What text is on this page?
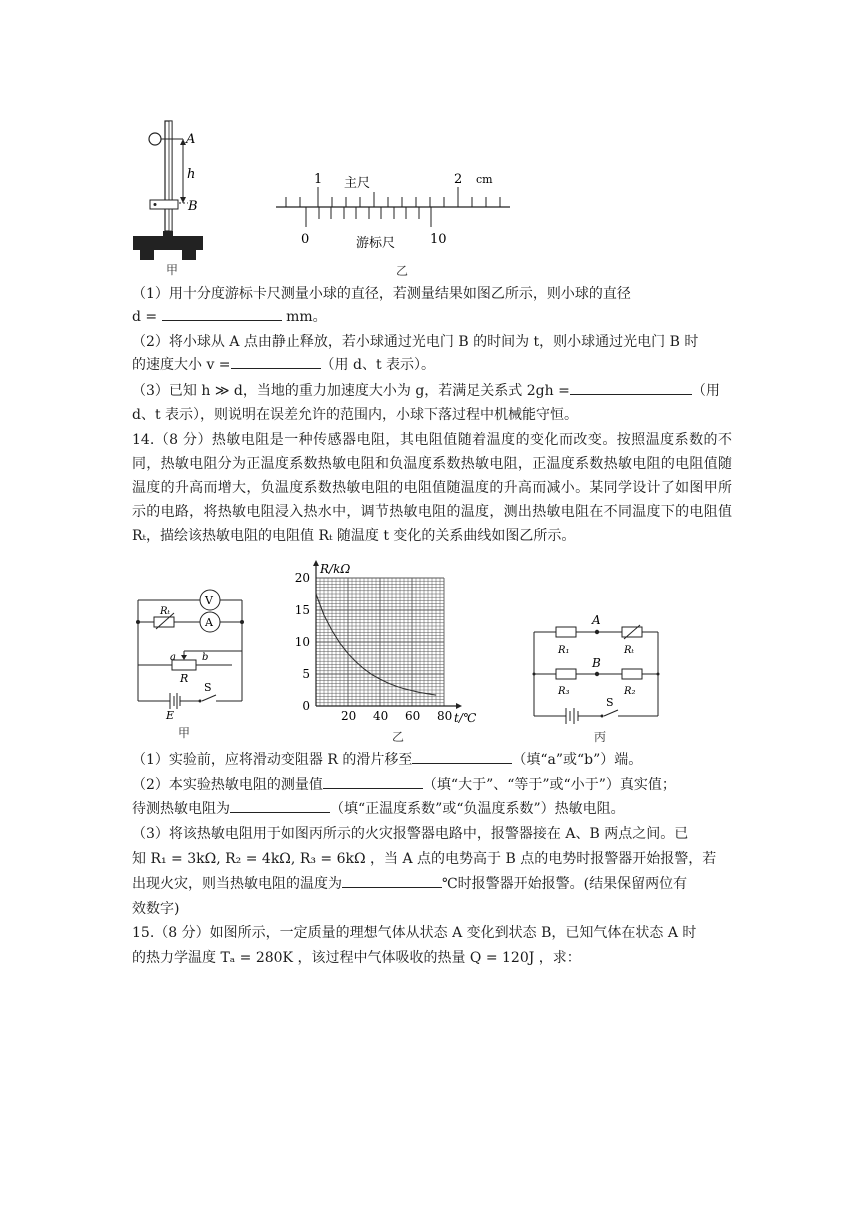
A
h
B
甲
1 主尺	2 cm
0	游标尺	10
乙
（1）用十分度游标卡尺测量小球的直径，若测量结果如图乙所示，则小球的直径
d =	mm。
（2）将小球从 A 点由静止释放，若小球通过光电门 B 的时间为 t，则小球通过光电门 B 时
的速度大小 v =	（用 d、t 表示）。
（3）已知 h ≫ d，当地的重力加速度大小为 g，若满足关系式 2gh =	（用
d、t 表示），则说明在误差允许的范围内，小球下落过程中机械能守恒。
14.（8 分）热敏电阻是一种传感器电阻，其电阻值随着温度的变化而改变。按照温度系数的不同，热敏电阻分为正温度系数热敏电阻和负温度系数热敏电阻，正温度系数热敏电阻的电阻值随温度的升高而增大，负温度系数热敏电阻的电阻值随温度的升高而减小。某同学设计了如图甲所示的电路，将热敏电阻浸入热水中，调节热敏电阻的温度，测出热敏电阻在不同温度下的电阻值 Rₜ，描绘该热敏电阻的电阻值 Rₜ 随温度 t 变化的关系曲线如图乙所示。
V
A
Rₜ
a	b
R
S
E
甲
20 40 60 80
0
5
10
15
20
R/kΩ
t/℃
乙
A
B
R₁	Rₜ
R₃	R₂
S
丙
（1）实验前，应将滑动变阻器 R 的滑片移至	（填“a”或“b”）端。
（2）本实验热敏电阻的测量值	（填“大于”、“等于”或“小于”）真实值；
待测热敏电阻为	（填“正温度系数”或“负温度系数”）热敏电阻。
（3）将该热敏电阻用于如图丙所示的火灾报警器电路中，报警器接在 A、B 两点之间。已
知 R₁ = 3kΩ, R₂ = 4kΩ, R₃ = 6kΩ ，当 A 点的电势高于 B 点的电势时报警器开始报警，若
出现火灾，则当热敏电阻的温度为	℃时报警器开始报警。(结果保留两位有
效数字)
15.（8 分）如图所示，一定质量的理想气体从状态 A 变化到状态 B，已知气体在状态 A 时
的热力学温度 Tₐ = 280K ，该过程中气体吸收的热量 Q = 120J ，求：
